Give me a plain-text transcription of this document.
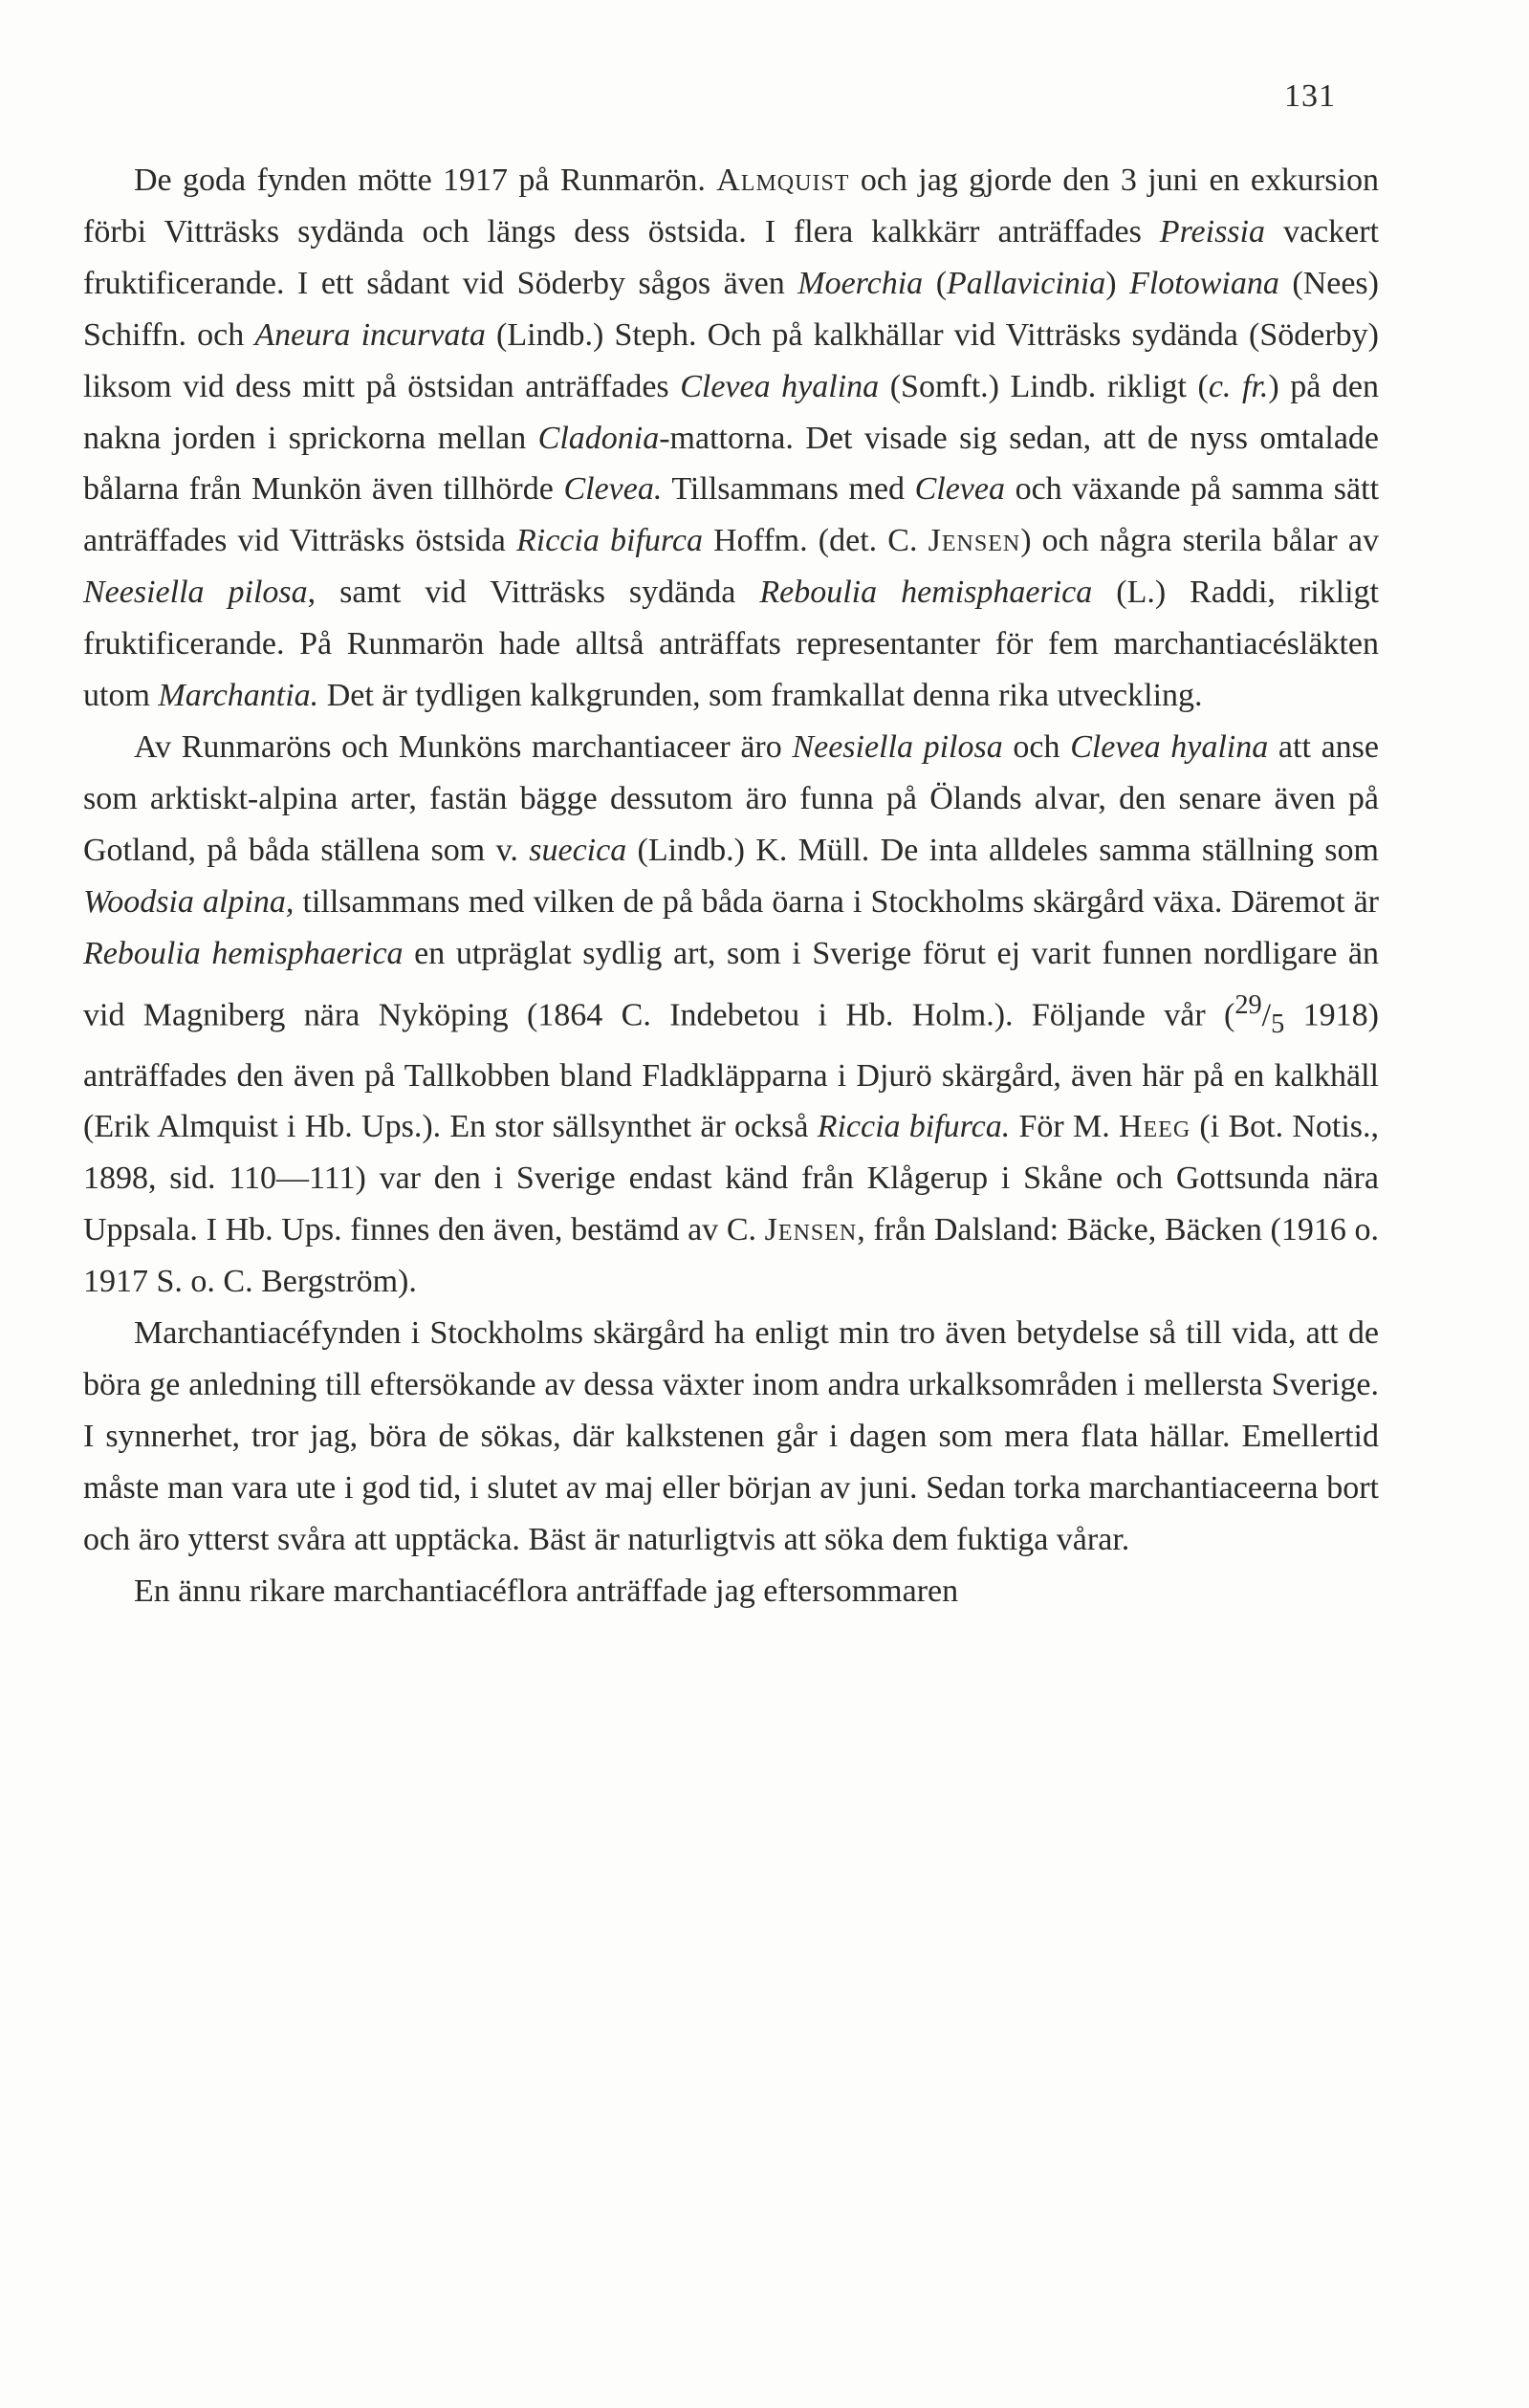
131

De goda fynden mötte 1917 på Runmarön. Almquist och jag gjorde den 3 juni en exkursion förbi Vitträsks sydända och längs dess östsida. I flera kalkkärr anträffades Preissia vackert fruktificerande. I ett sådant vid Söderby sågos även Moerchia (Pallavicinia) Flotowiana (Nees) Schiffn. och Aneura incurvata (Lindb.) Steph. Och på kalkhällar vid Vitträsks sydända (Söderby) liksom vid dess mitt på östsidan anträffades Clevea hyalina (Somft.) Lindb. rikligt (c. fr.) på den nakna jorden i sprickorna mellan Cladonia-mattorna. Det visade sig sedan, att de nyss omtalade bålarna från Munkön även tillhörde Clevea. Tillsammans med Clevea och växande på samma sätt anträffades vid Vitträsks östsida Riccia bifurca Hoffm. (det. C. Jensen) och några sterila bålar av Neesiella pilosa, samt vid Vitträsks sydända Reboulia hemisphaerica (L.) Raddi, rikligt fruktificerande. På Runmarön hade alltså anträffats representanter för fem marchantiacésläkten utom Marchantia. Det är tydligen kalkgrunden, som framkallat denna rika utveckling.

Av Runmaröns och Munköns marchantiaceer äro Neesiella pilosa och Clevea hyalina att anse som arktiskt-alpina arter, fastän bägge dessutom äro funna på Ölands alvar, den senare även på Gotland, på båda ställena som v. suecica (Lindb.) K. Müll. De inta alldeles samma ställning som Woodsia alpina, tillsammans med vilken de på båda öarna i Stockholms skärgård växa. Däremot är Reboulia hemisphaerica en utpräglat sydlig art, som i Sverige förut ej varit funnen nordligare än vid Magniberg nära Nyköping (1864 C. Indebetou i Hb. Holm.). Följande vår ($^{29}/_5$ 1918) anträffades den även på Tallkobben bland Fladkläpparna i Djurö skärgård, även här på en kalkhäll (Erik Almquist i Hb. Ups.). En stor sällsynthet är också Riccia bifurca. För M. Heeg (i Bot. Notis., 1898, sid. 110—111) var den i Sverige endast känd från Klågerup i Skåne och Gottsunda nära Uppsala. I Hb. Ups. finnes den även, bestämd av C. Jensen, från Dalsland: Bäcke, Bäcken (1916 o. 1917 S. o. C. Bergström).

Marchantiacéfynden i Stockholms skärgård ha enligt min tro även betydelse så till vida, att de böra ge anledning till eftersökande av dessa växter inom andra urkalksområden i mellersta Sverige. I synnerhet, tror jag, böra de sökas, där kalkstenen går i dagen som mera flata hällar. Emellertid måste man vara ute i god tid, i slutet av maj eller början av juni. Sedan torka marchantiaceerna bort och äro ytterst svåra att upptäcka. Bäst är naturligtvis att söka dem fuktiga vårar.

En ännu rikare marchantiacéflora anträffade jag eftersommaren
